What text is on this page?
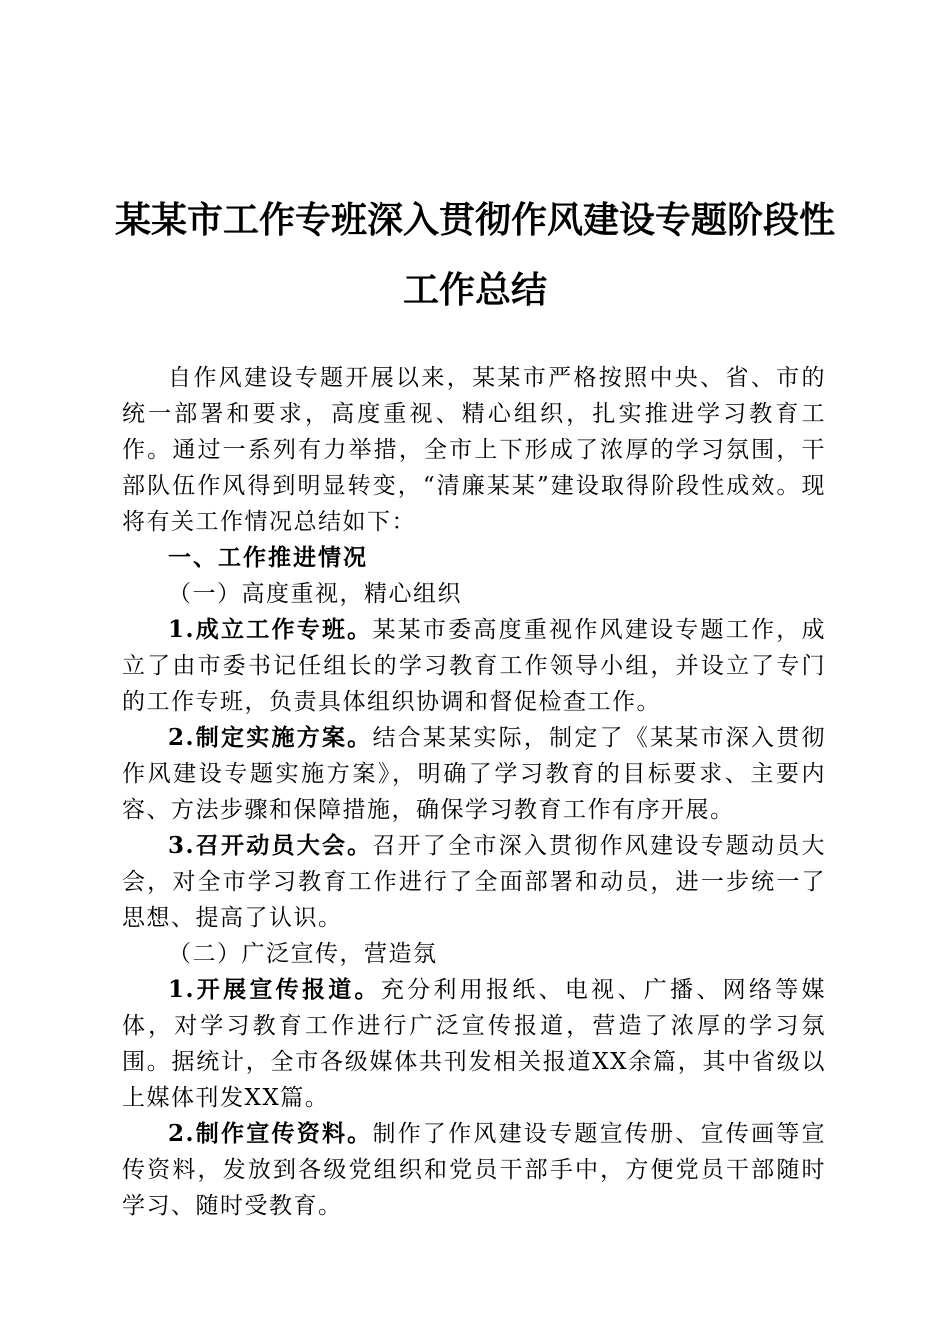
某某市工作专班深入贯彻作风建设专题阶段性
工作总结

自作风建设专题开展以来，某某市严格按照中央、省、市的统一部署和要求，高度重视、精心组织，扎实推进学习教育工作。通过一系列有力举措，全市上下形成了浓厚的学习氛围，干部队伍作风得到明显转变，“清廉某某”建设取得阶段性成效。现将有关工作情况总结如下：

一、工作推进情况

（一）高度重视，精心组织

1.成立工作专班。某某市委高度重视作风建设专题工作，成立了由市委书记任组长的学习教育工作领导小组，并设立了专门的工作专班，负责具体组织协调和督促检查工作。

2.制定实施方案。结合某某实际，制定了《某某市深入贯彻作风建设专题实施方案》，明确了学习教育的目标要求、主要内容、方法步骤和保障措施，确保学习教育工作有序开展。

3.召开动员大会。召开了全市深入贯彻作风建设专题动员大会，对全市学习教育工作进行了全面部署和动员，进一步统一了思想、提高了认识。

（二）广泛宣传，营造氛

1.开展宣传报道。充分利用报纸、电视、广播、网络等媒体，对学习教育工作进行广泛宣传报道，营造了浓厚的学习氛围。据统计，全市各级媒体共刊发相关报道XX余篇，其中省级以上媒体刊发XX篇。

2.制作宣传资料。制作了作风建设专题宣传册、宣传画等宣传资料，发放到各级党组织和党员干部手中，方便党员干部随时学习、随时受教育。
